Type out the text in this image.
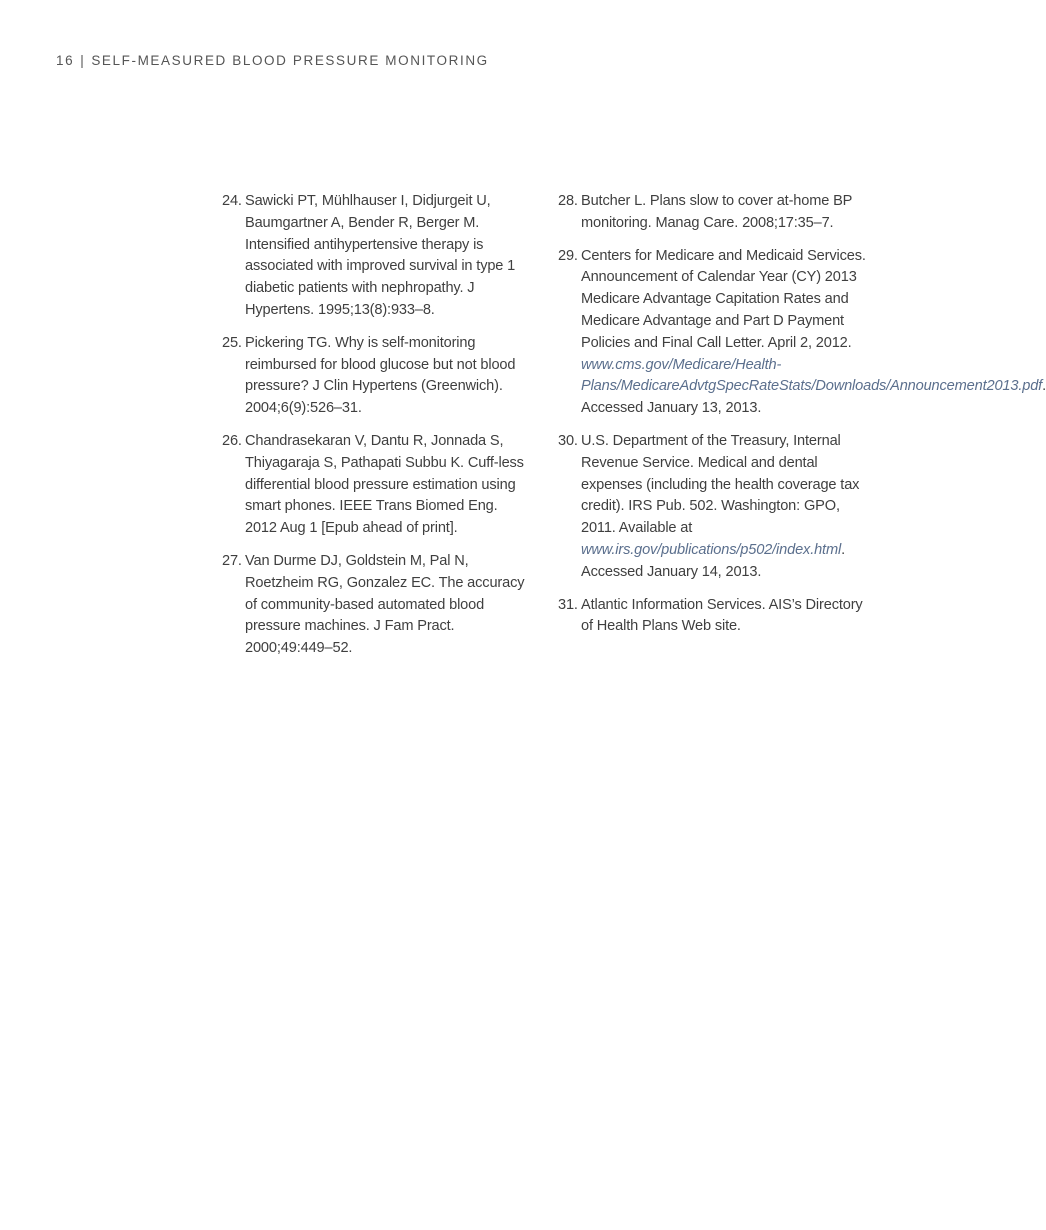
16 | SELF-MEASURED BLOOD PRESSURE MONITORING
24. Sawicki PT, Mühlhauser I, Didjurgeit U, Baumgartner A, Bender R, Berger M. Intensified antihypertensive therapy is associated with improved survival in type 1 diabetic patients with nephropathy. J Hypertens. 1995;13(8):933–8.
25. Pickering TG. Why is self-monitoring reimbursed for blood glucose but not blood pressure? J Clin Hypertens (Greenwich). 2004;6(9):526–31.
26. Chandrasekaran V, Dantu R, Jonnada S, Thiyagaraja S, Pathapati Subbu K. Cuff-less differential blood pressure estimation using smart phones. IEEE Trans Biomed Eng. 2012 Aug 1 [Epub ahead of print].
27. Van Durme DJ, Goldstein M, Pal N, Roetzheim RG, Gonzalez EC. The accuracy of community-based automated blood pressure machines. J Fam Pract. 2000;49:449–52.
28. Butcher L. Plans slow to cover at-home BP monitoring. Manag Care. 2008;17:35–7.
29. Centers for Medicare and Medicaid Services. Announcement of Calendar Year (CY) 2013 Medicare Advantage Capitation Rates and Medicare Advantage and Part D Payment Policies and Final Call Letter. April 2, 2012. www.cms.gov/Medicare/Health-Plans/MedicareAdvtgSpecRateStats/Downloads/Announcement2013.pdf. Accessed January 13, 2013.
30. U.S. Department of the Treasury, Internal Revenue Service. Medical and dental expenses (including the health coverage tax credit). IRS Pub. 502. Washington: GPO, 2011. Available at www.irs.gov/publications/p502/index.html. Accessed January 14, 2013.
31. Atlantic Information Services. AIS’s Directory of Health Plans Web site.
